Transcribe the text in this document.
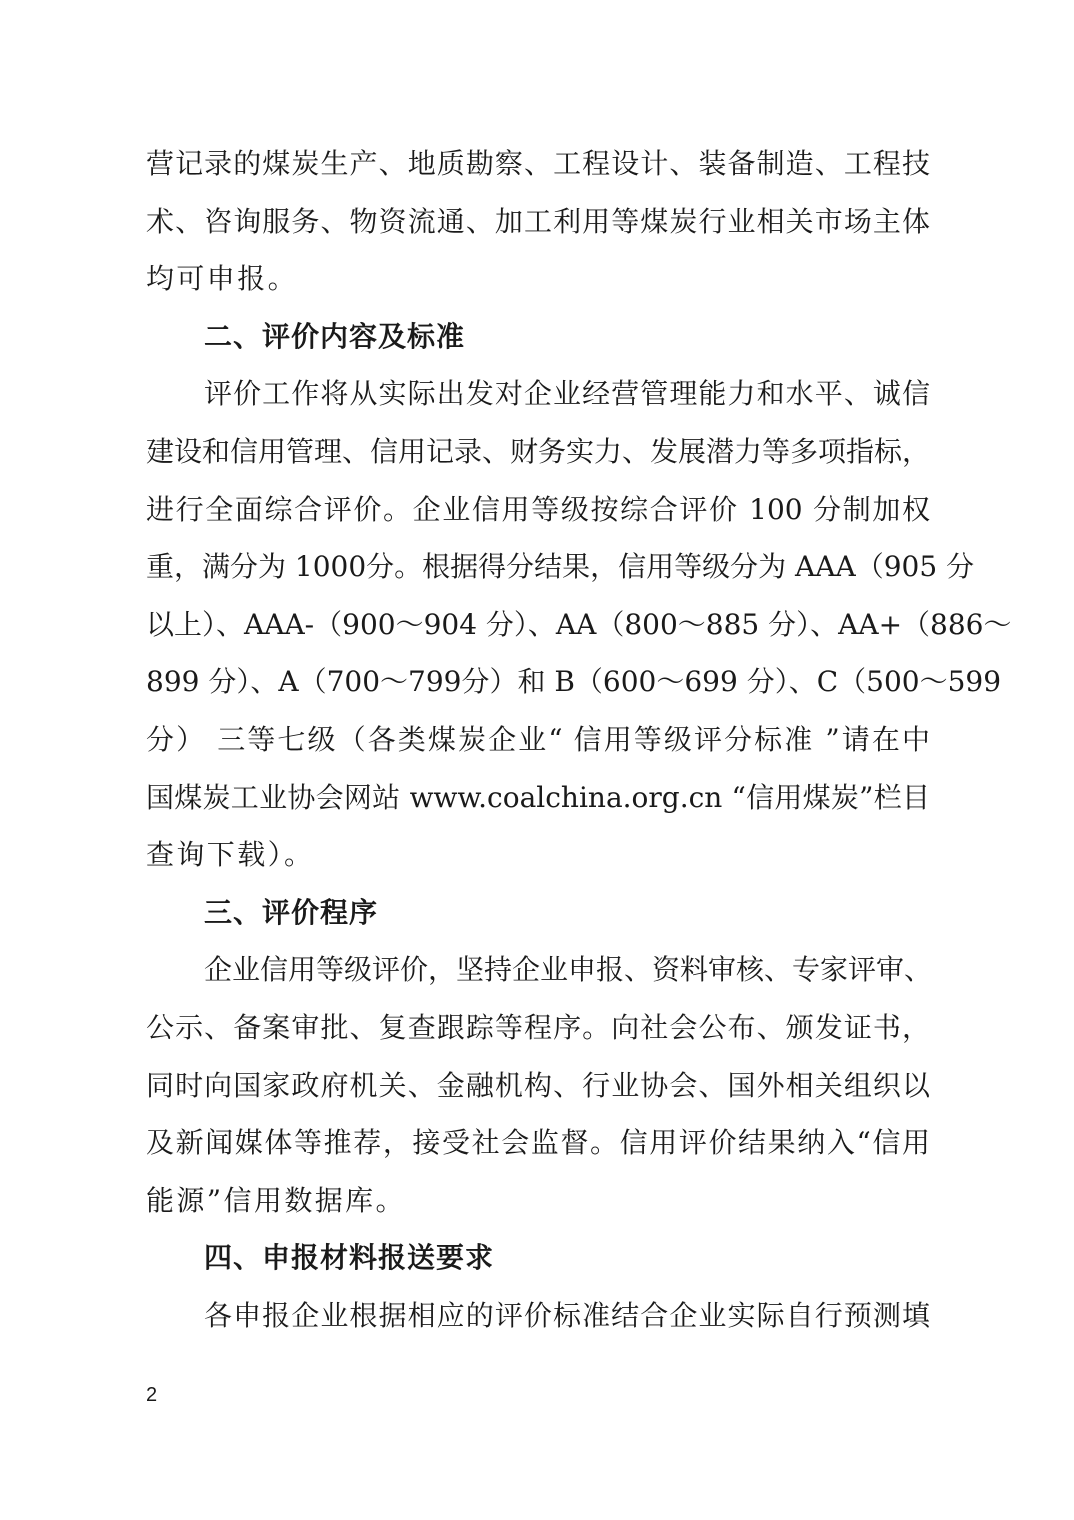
营记录的煤炭生产、地质勘察、工程设计、装备制造、工程技
术、咨询服务、物资流通、加工利用等煤炭行业相关市场主体
均可申报。
二、评价内容及标准
评价工作将从实际出发对企业经营管理能力和水平、诚信
建设和信用管理、信用记录、财务实力、发展潜力等多项指标，
进行全面综合评价。企业信用等级按综合评价 100 分制加权
重，满分为 1000分。根据得分结果，信用等级分为 AAA（905 分
以上）、AAA-（900～904 分）、AA（800～885 分）、AA+（886～
899 分）、A（700～799分）和 B（600～699 分）、C（500～599
分） 三等七级（各类煤炭企业“ 信用等级评分标准 ”请在中
国煤炭工业协会网站 www.coalchina.org.cn “信用煤炭”栏目
查询下载）。
三、评价程序
企业信用等级评价，坚持企业申报、资料审核、专家评审、
公示、备案审批、复查跟踪等程序。向社会公布、颁发证书，
同时向国家政府机关、金融机构、行业协会、国外相关组织以
及新闻媒体等推荐，接受社会监督。信用评价结果纳入“信用
能源”信用数据库。
四、申报材料报送要求
各申报企业根据相应的评价标准结合企业实际自行预测填
2
